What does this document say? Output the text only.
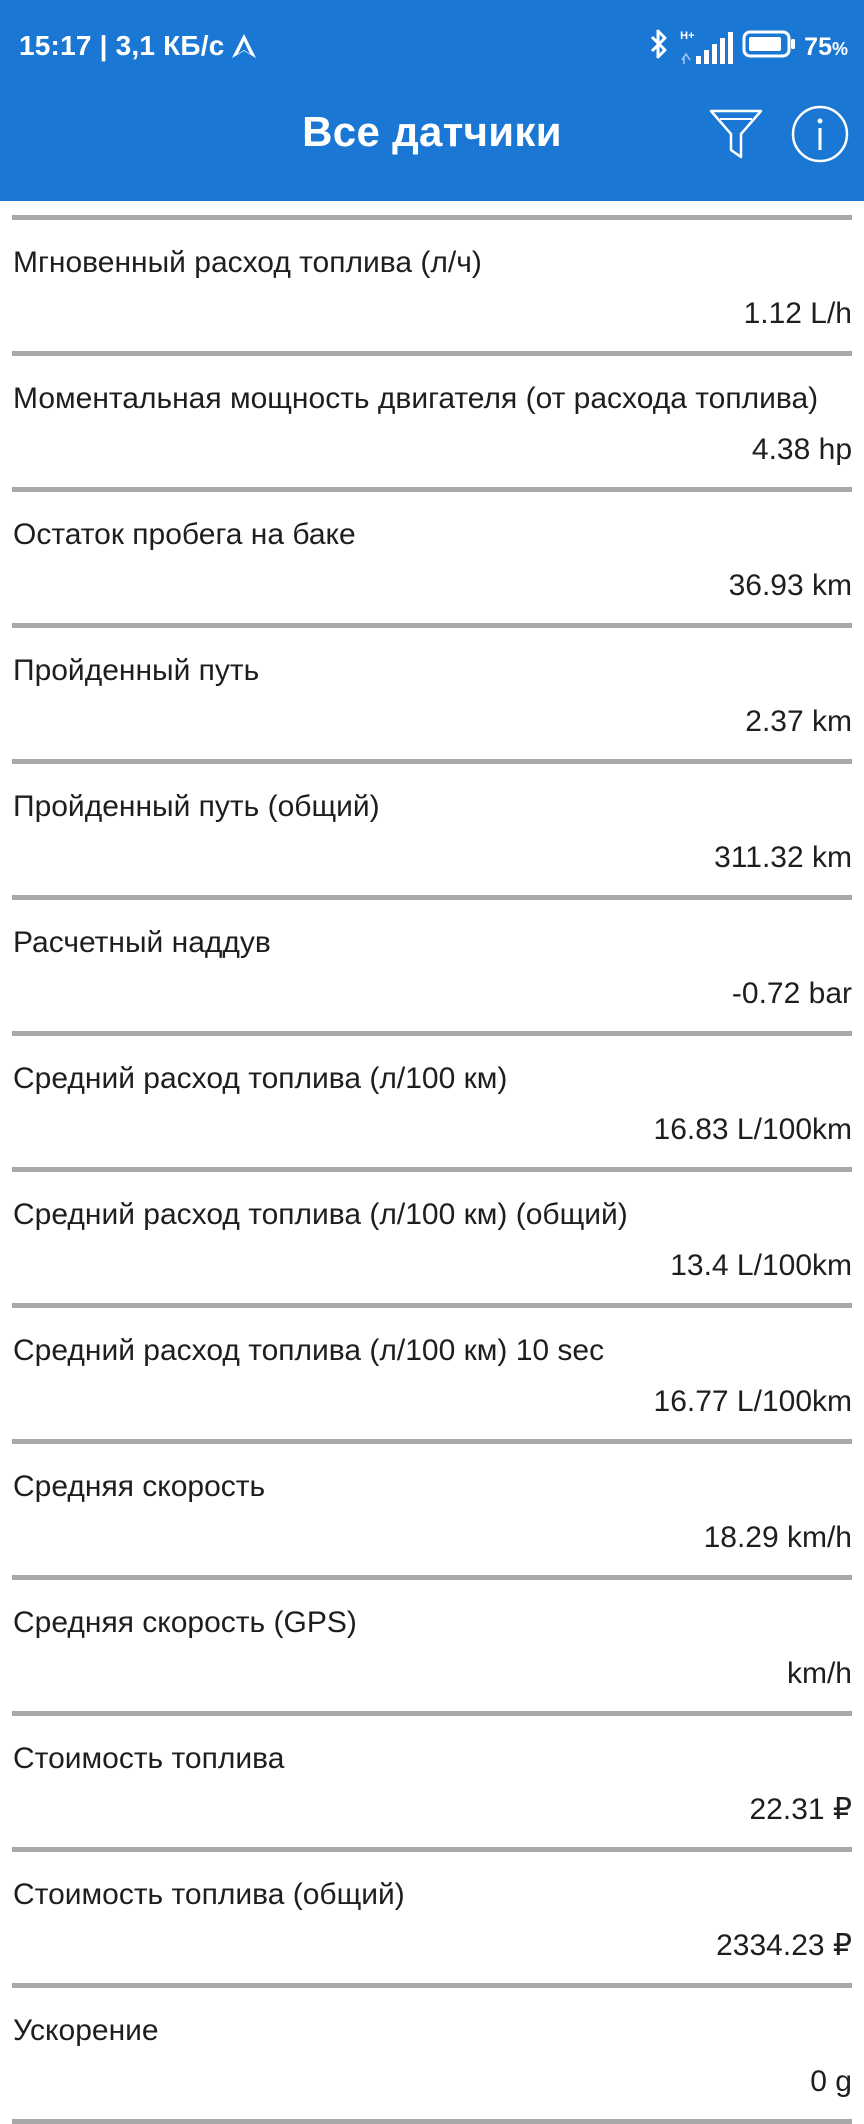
15:17 | 3,1 КБ/с	H+	75%
Все датчики
Мгновенный расход топлива (л/ч)
1.12 L/h
Моментальная мощность двигателя (от расхода топлива)
4.38 hp
Остаток пробега на баке
36.93 km
Пройденный путь
2.37 km
Пройденный путь (общий)
311.32 km
Расчетный наддув
-0.72 bar
Средний расход топлива (л/100 км)
16.83 L/100km
Средний расход топлива (л/100 км) (общий)
13.4 L/100km
Средний расход топлива (л/100 км) 10 sec
16.77 L/100km
Средняя скорость
18.29 km/h
Средняя скорость (GPS)
km/h
Стоимость топлива
22.31 ₽
Стоимость топлива (общий)
2334.23 ₽
Ускорение
0 g
